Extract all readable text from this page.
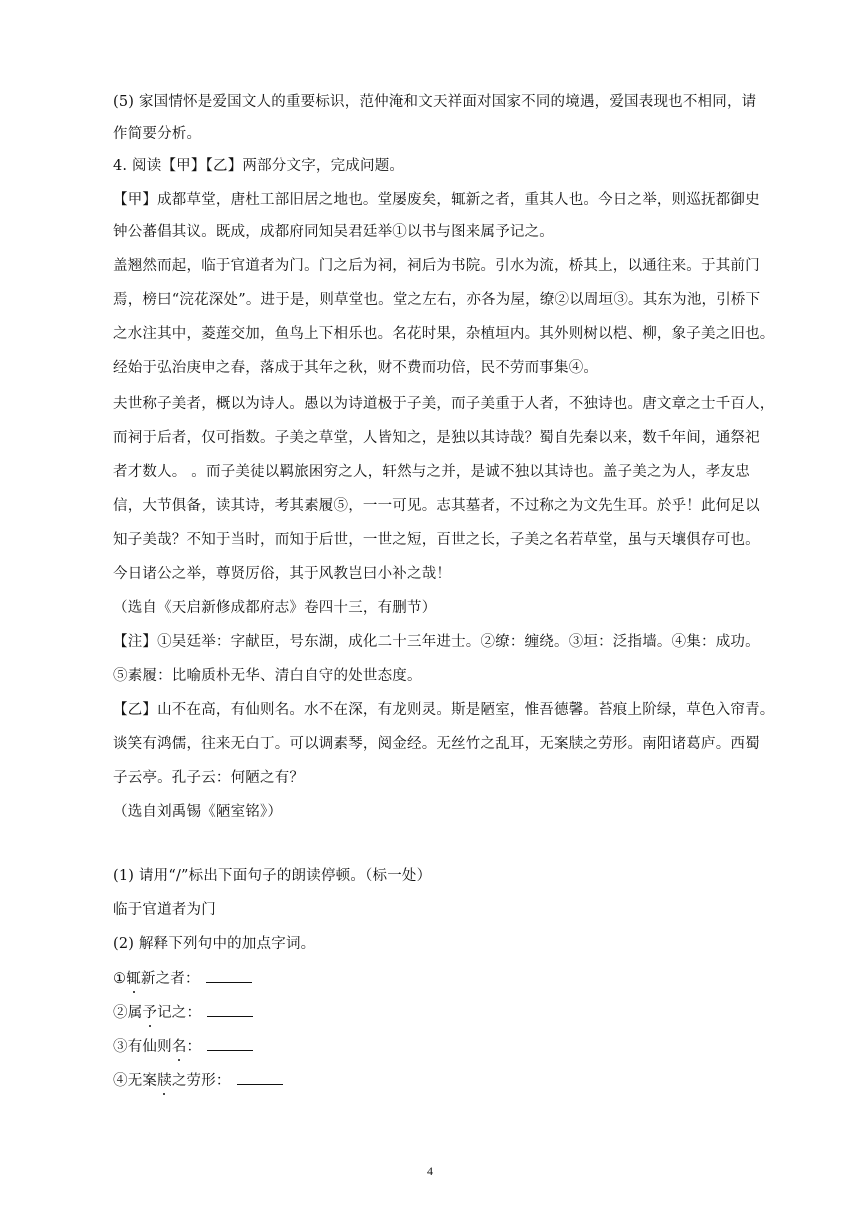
(5) 家国情怀是爱国文人的重要标识，范仲淹和文天祥面对国家不同的境遇，爱国表现也不相同，请
作简要分析。
4. 阅读【甲】【乙】两部分文字，完成问题。
【甲】成都草堂，唐杜工部旧居之地也。堂屡废矣，辄新之者，重其人也。今日之举，则巡抚都御史
钟公蕃倡其议。既成，成都府同知吴君廷举①以书与图来属予记之。
盖翘然而起，临于官道者为门。门之后为祠，祠后为书院。引水为流，桥其上，以通往来。于其前门
焉，榜曰“浣花深处”。进于是，则草堂也。堂之左右，亦各为屋，缭②以周垣③。其东为池，引桥下
之水注其中，菱莲交加，鱼鸟上下相乐也。名花时果，杂植垣内。其外则树以桤、柳，象子美之旧也。
经始于弘治庚申之春，落成于其年之秋，财不费而功倍，民不劳而事集④。
夫世称子美者，概以为诗人。愚以为诗道极于子美，而子美重于人者，不独诗也。唐文章之士千百人，
而祠于后者，仅可指数。子美之草堂，人皆知之，是独以其诗哉？蜀自先秦以来，数千年间，通祭祀
者才数人。 。而子美徒以羁旅困穷之人，轩然与之并，是诚不独以其诗也。盖子美之为人，孝友忠
信，大节俱备，读其诗，考其素履⑤，一一可见。志其墓者，不过称之为文先生耳。於乎！此何足以
知子美哉？不知于当时，而知于后世，一世之短，百世之长，子美之名若草堂，虽与天壤俱存可也。
今日诸公之举，尊贤厉俗，其于风教岂曰小补之哉！
（选自《天启新修成都府志》卷四十三，有删节）
【注】①吴廷举：字献臣，号东湖，成化二十三年进士。②缭：缠绕。③垣：泛指墙。④集：成功。
⑤素履：比喻质朴无华、清白自守的处世态度。
【乙】山不在高，有仙则名。水不在深，有龙则灵。斯是陋室，惟吾德馨。苔痕上阶绿，草色入帘青。
谈笑有鸿儒，往来无白丁。可以调素琴，阅金经。无丝竹之乱耳，无案牍之劳形。南阳诸葛庐。西蜀
子云亭。孔子云：何陋之有？
（选自刘禹锡《陋室铭》）
(1) 请用“/”标出下面句子的朗读停顿。（标一处）
临于官道者为门
(2) 解释下列句中的加点字词。
①辄新之者：
②属予记之：
③有仙则名：
④无案牍之劳形：
4
